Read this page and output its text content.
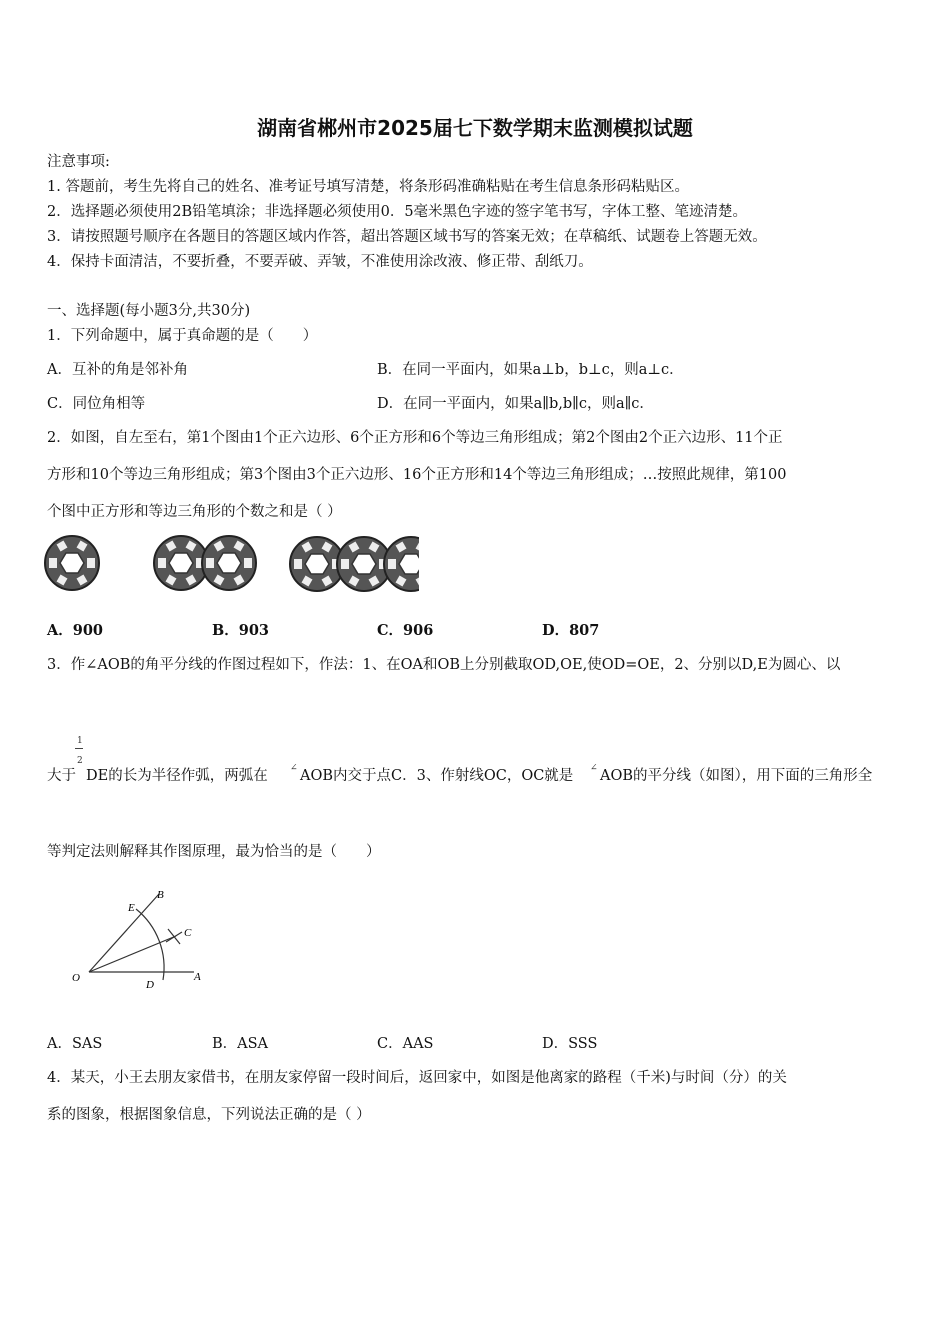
湖南省郴州市2025届七下数学期末监测模拟试题
注意事项:
1. 答题前，考生先将自己的姓名、准考证号填写清楚，将条形码准确粘贴在考生信息条形码粘贴区。
2．选择题必须使用2B铅笔填涂；非选择题必须使用0．5毫米黑色字迹的签字笔书写，字体工整、笔迹清楚。
3．请按照题号顺序在各题目的答题区域内作答，超出答题区域书写的答案无效；在草稿纸、试题卷上答题无效。
4．保持卡面清洁，不要折叠，不要弄破、弄皱，不准使用涂改液、修正带、刮纸刀。
一、选择题(每小题3分,共30分)
1．下列命题中，属于真命题的是（　　）
A．互补的角是邻补角	B．在同一平面内，如果a⊥b，b⊥c，则a⊥c．
C．同位角相等	D．在同一平面内，如果a∥b,b∥c，则a∥c．
2．如图，自左至右，第1个图由1个正六边形、6个正方形和6个等边三角形组成；第2个图由2个正六边形、11个正
方形和10个等边三角形组成；第3个图由3个正六边形、16个正方形和14个等边三角形组成；…按照此规律，第100
个图中正方形和等边三角形的个数之和是（ ）
A．900	B．903	C．906	D．807
3．作∠AOB的角平分线的作图过程如下，作法：1、在OA和OB上分别截取OD,OE,使OD=OE，2、分别以D,E为圆心、以
1
2
大于 DE的长为半径作弧，两弧在 ∠ AOB内交于点C．3、作射线OC，OC就是 ∠ AOB的平分线（如图），用下面的三角形全
等判定法则解释其作图原理，最为恰当的是（　　）
B
E
C
O
D
A
A．SAS	B．ASA	C．AAS	D．SSS
4．某天，小王去朋友家借书，在朋友家停留一段时间后，返回家中，如图是他离家的路程（千米)与时间（分）的关
系的图象，根据图象信息，下列说法正确的是（ ）
